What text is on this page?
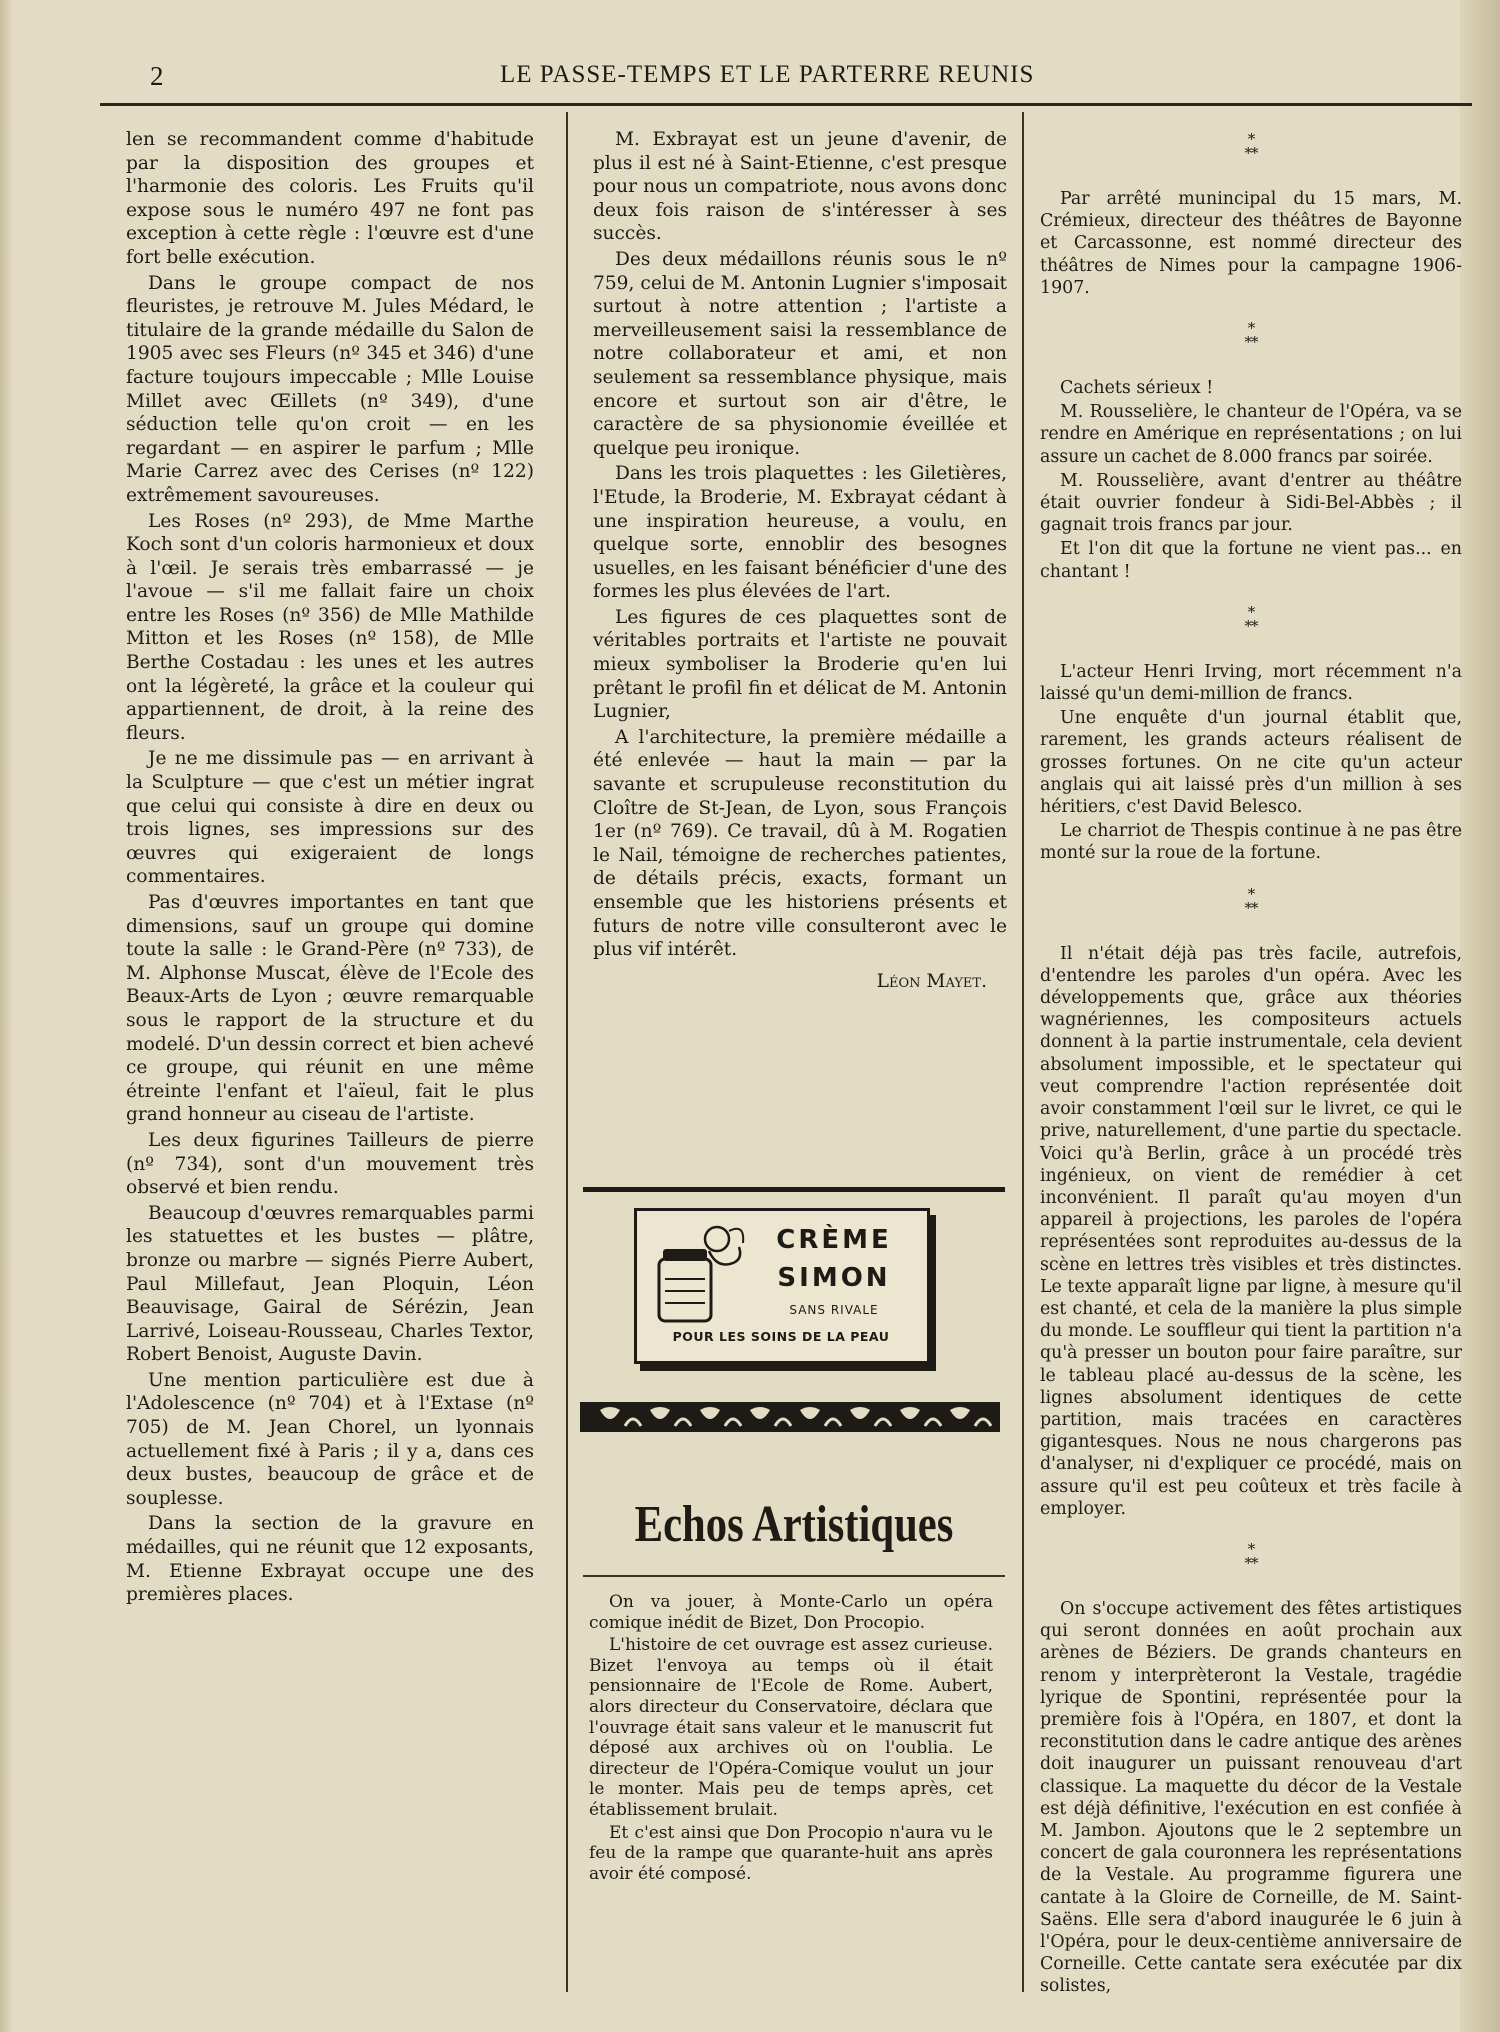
2	LE PASSE-TEMPS ET LE PARTERRE REUNIS

len se recommandent comme d'habitude par la disposition des groupes et l'harmonie des coloris. Les Fruits qu'il expose sous le numéro 497 ne font pas exception à cette règle : l'œuvre est d'une fort belle exécution.

Dans le groupe compact de nos fleuristes, je retrouve M. Jules Médard, le titulaire de la grande médaille du Salon de 1905 avec ses Fleurs (nº 345 et 346) d'une facture toujours impeccable ; Mlle Louise Millet avec Œillets (nº 349), d'une séduction telle qu'on croit — en les regardant — en aspirer le parfum ; Mlle Marie Carrez avec des Cerises (nº 122) extrêmement savoureuses.

Les Roses (nº 293), de Mme Marthe Koch sont d'un coloris harmonieux et doux à l'œil. Je serais très embarrassé — je l'avoue — s'il me fallait faire un choix entre les Roses (nº 356) de Mlle Mathilde Mitton et les Roses (nº 158), de Mlle Berthe Costadau : les unes et les autres ont la légèreté, la grâce et la couleur qui appartiennent, de droit, à la reine des fleurs.

Je ne me dissimule pas — en arrivant à la Sculpture — que c'est un métier ingrat que celui qui consiste à dire en deux ou trois lignes, ses impressions sur des œuvres qui exigeraient de longs commentaires.

Pas d'œuvres importantes en tant que dimensions, sauf un groupe qui domine toute la salle : le Grand-Père (nº 733), de M. Alphonse Muscat, élève de l'Ecole des Beaux-Arts de Lyon ; œuvre remarquable sous le rapport de la structure et du modelé. D'un dessin correct et bien achevé ce groupe, qui réunit en une même étreinte l'enfant et l'aïeul, fait le plus grand honneur au ciseau de l'artiste.

Les deux figurines Tailleurs de pierre (nº 734), sont d'un mouvement très observé et bien rendu.

Beaucoup d'œuvres remarquables parmi les statuettes et les bustes — plâtre, bronze ou marbre — signés Pierre Aubert, Paul Millefaut, Jean Ploquin, Léon Beauvisage, Gairal de Sérézin, Jean Larrivé, Loiseau-Rousseau, Charles Textor, Robert Benoist, Auguste Davin.

Une mention particulière est due à l'Adolescence (nº 704) et à l'Extase (nº 705) de M. Jean Chorel, un lyonnais actuellement fixé à Paris ; il y a, dans ces deux bustes, beaucoup de grâce et de souplesse.

Dans la section de la gravure en médailles, qui ne réunit que 12 exposants, M. Etienne Exbrayat occupe une des premières places.

M. Exbrayat est un jeune d'avenir, de plus il est né à Saint-Etienne, c'est presque pour nous un compatriote, nous avons donc deux fois raison de s'intéresser à ses succès.

Des deux médaillons réunis sous le nº 759, celui de M. Antonin Lugnier s'imposait surtout à notre attention ; l'artiste a merveilleusement saisi la ressemblance de notre collaborateur et ami, et non seulement sa ressemblance physique, mais encore et surtout son air d'être, le caractère de sa physionomie éveillée et quelque peu ironique.

Dans les trois plaquettes : les Giletières, l'Etude, la Broderie, M. Exbrayat cédant à une inspiration heureuse, a voulu, en quelque sorte, ennoblir des besognes usuelles, en les faisant bénéficier d'une des formes les plus élevées de l'art.

Les figures de ces plaquettes sont de véritables portraits et l'artiste ne pouvait mieux symboliser la Broderie qu'en lui prêtant le profil fin et délicat de M. Antonin Lugnier,

A l'architecture, la première médaille a été enlevée — haut la main — par la savante et scrupuleuse reconstitution du Cloître de St-Jean, de Lyon, sous François 1er (nº 769). Ce travail, dû à M. Rogatien le Nail, témoigne de recherches patientes, de détails précis, exacts, formant un ensemble que les historiens présents et futurs de notre ville consulteront avec le plus vif intérêt.

Léon Mayet.
CRÈME
SIMON
SANS RIVALE
POUR LES SOINS DE LA PEAU
Echos Artistiques

On va jouer, à Monte-Carlo un opéra comique inédit de Bizet, Don Procopio.

L'histoire de cet ouvrage est assez curieuse. Bizet l'envoya au temps où il était pensionnaire de l'Ecole de Rome. Aubert, alors directeur du Conservatoire, déclara que l'ouvrage était sans valeur et le manuscrit fut déposé aux archives où on l'oublia. Le directeur de l'Opéra-Comique voulut un jour le monter. Mais peu de temps après, cet établissement brulait.

Et c'est ainsi que Don Procopio n'aura vu le feu de la rampe que quarante-huit ans après avoir été composé.

*
**

Par arrêté munincipal du 15 mars, M. Crémieux, directeur des théâtres de Bayonne et Carcassonne, est nommé directeur des théâtres de Nimes pour la campagne 1906-1907.

*
**

Cachets sérieux !

M. Rousselière, le chanteur de l'Opéra, va se rendre en Amérique en représentations ; on lui assure un cachet de 8.000 francs par soirée.

M. Rousselière, avant d'entrer au théâtre était ouvrier fondeur à Sidi-Bel-Abbès ; il gagnait trois francs par jour.

Et l'on dit que la fortune ne vient pas... en chantant !

*
**

L'acteur Henri Irving, mort récemment n'a laissé qu'un demi-million de francs.

Une enquête d'un journal établit que, rarement, les grands acteurs réalisent de grosses fortunes. On ne cite qu'un acteur anglais qui ait laissé près d'un million à ses héritiers, c'est David Belesco.

Le charriot de Thespis continue à ne pas être monté sur la roue de la fortune.

*
**

Il n'était déjà pas très facile, autrefois, d'entendre les paroles d'un opéra. Avec les développements que, grâce aux théories wagnériennes, les compositeurs actuels donnent à la partie instrumentale, cela devient absolument impossible, et le spectateur qui veut comprendre l'action représentée doit avoir constamment l'œil sur le livret, ce qui le prive, naturellement, d'une partie du spectacle. Voici qu'à Berlin, grâce à un procédé très ingénieux, on vient de remédier à cet inconvénient. Il paraît qu'au moyen d'un appareil à projections, les paroles de l'opéra représentées sont reproduites au-dessus de la scène en lettres très visibles et très distinctes. Le texte apparaît ligne par ligne, à mesure qu'il est chanté, et cela de la manière la plus simple du monde. Le souffleur qui tient la partition n'a qu'à presser un bouton pour faire paraître, sur le tableau placé au-dessus de la scène, les lignes absolument identiques de cette partition, mais tracées en caractères gigantesques. Nous ne nous chargerons pas d'analyser, ni d'expliquer ce procédé, mais on assure qu'il est peu coûteux et très facile à employer.

*
**

On s'occupe activement des fêtes artistiques qui seront données en août prochain aux arènes de Béziers. De grands chanteurs en renom y interprèteront la Vestale, tragédie lyrique de Spontini, représentée pour la première fois à l'Opéra, en 1807, et dont la reconstitution dans le cadre antique des arènes doit inaugurer un puissant renouveau d'art classique. La maquette du décor de la Vestale est déjà définitive, l'exécution en est confiée à M. Jambon. Ajoutons que le 2 septembre un concert de gala couronnera les représentations de la Vestale. Au programme figurera une cantate à la Gloire de Corneille, de M. Saint-Saëns. Elle sera d'abord inaugurée le 6 juin à l'Opéra, pour le deux-centième anniversaire de Corneille. Cette cantate sera exécutée par dix solistes,
